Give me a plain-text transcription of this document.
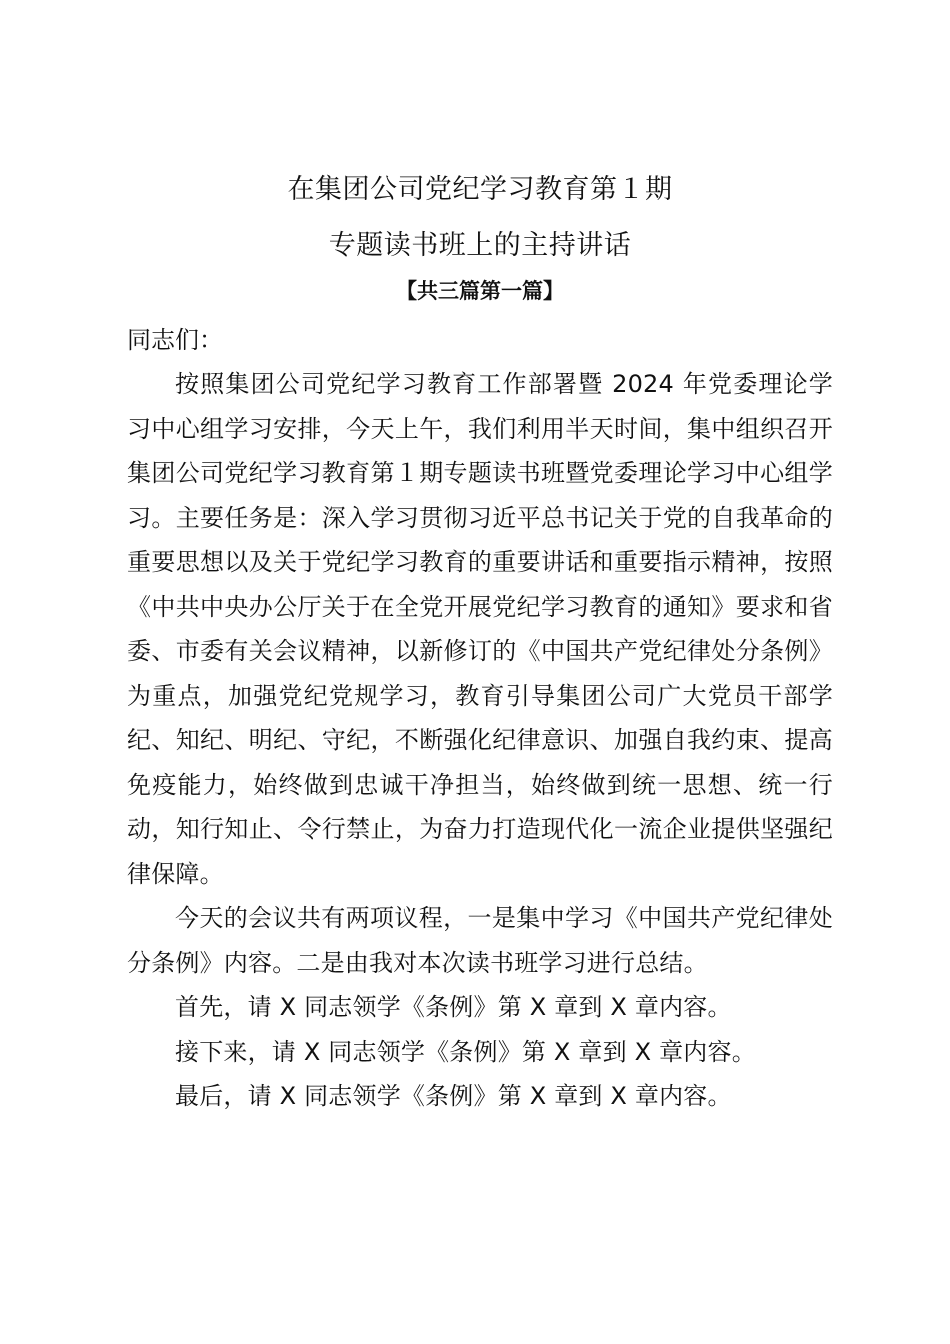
在集团公司党纪学习教育第１期
专题读书班上的主持讲话
【共三篇第一篇】

同志们：

按照集团公司党纪学习教育工作部署暨 2024 年党委理论学习中心组学习安排，今天上午，我们利用半天时间，集中组织召开集团公司党纪学习教育第１期专题读书班暨党委理论学习中心组学习。主要任务是：深入学习贯彻习近平总书记关于党的自我革命的重要思想以及关于党纪学习教育的重要讲话和重要指示精神，按照《中共中央办公厅关于在全党开展党纪学习教育的通知》要求和省委、市委有关会议精神，以新修订的《中国共产党纪律处分条例》为重点，加强党纪党规学习，教育引导集团公司广大党员干部学纪、知纪、明纪、守纪，不断强化纪律意识、加强自我约束、提高免疫能力，始终做到忠诚干净担当，始终做到统一思想、统一行动，知行知止、令行禁止，为奋力打造现代化一流企业提供坚强纪律保障。

今天的会议共有两项议程，一是集中学习《中国共产党纪律处分条例》内容。二是由我对本次读书班学习进行总结。

首先，请 X 同志领学《条例》第 X 章到 X 章内容。

接下来，请 X 同志领学《条例》第 X 章到 X 章内容。

最后，请 X 同志领学《条例》第 X 章到 X 章内容。
